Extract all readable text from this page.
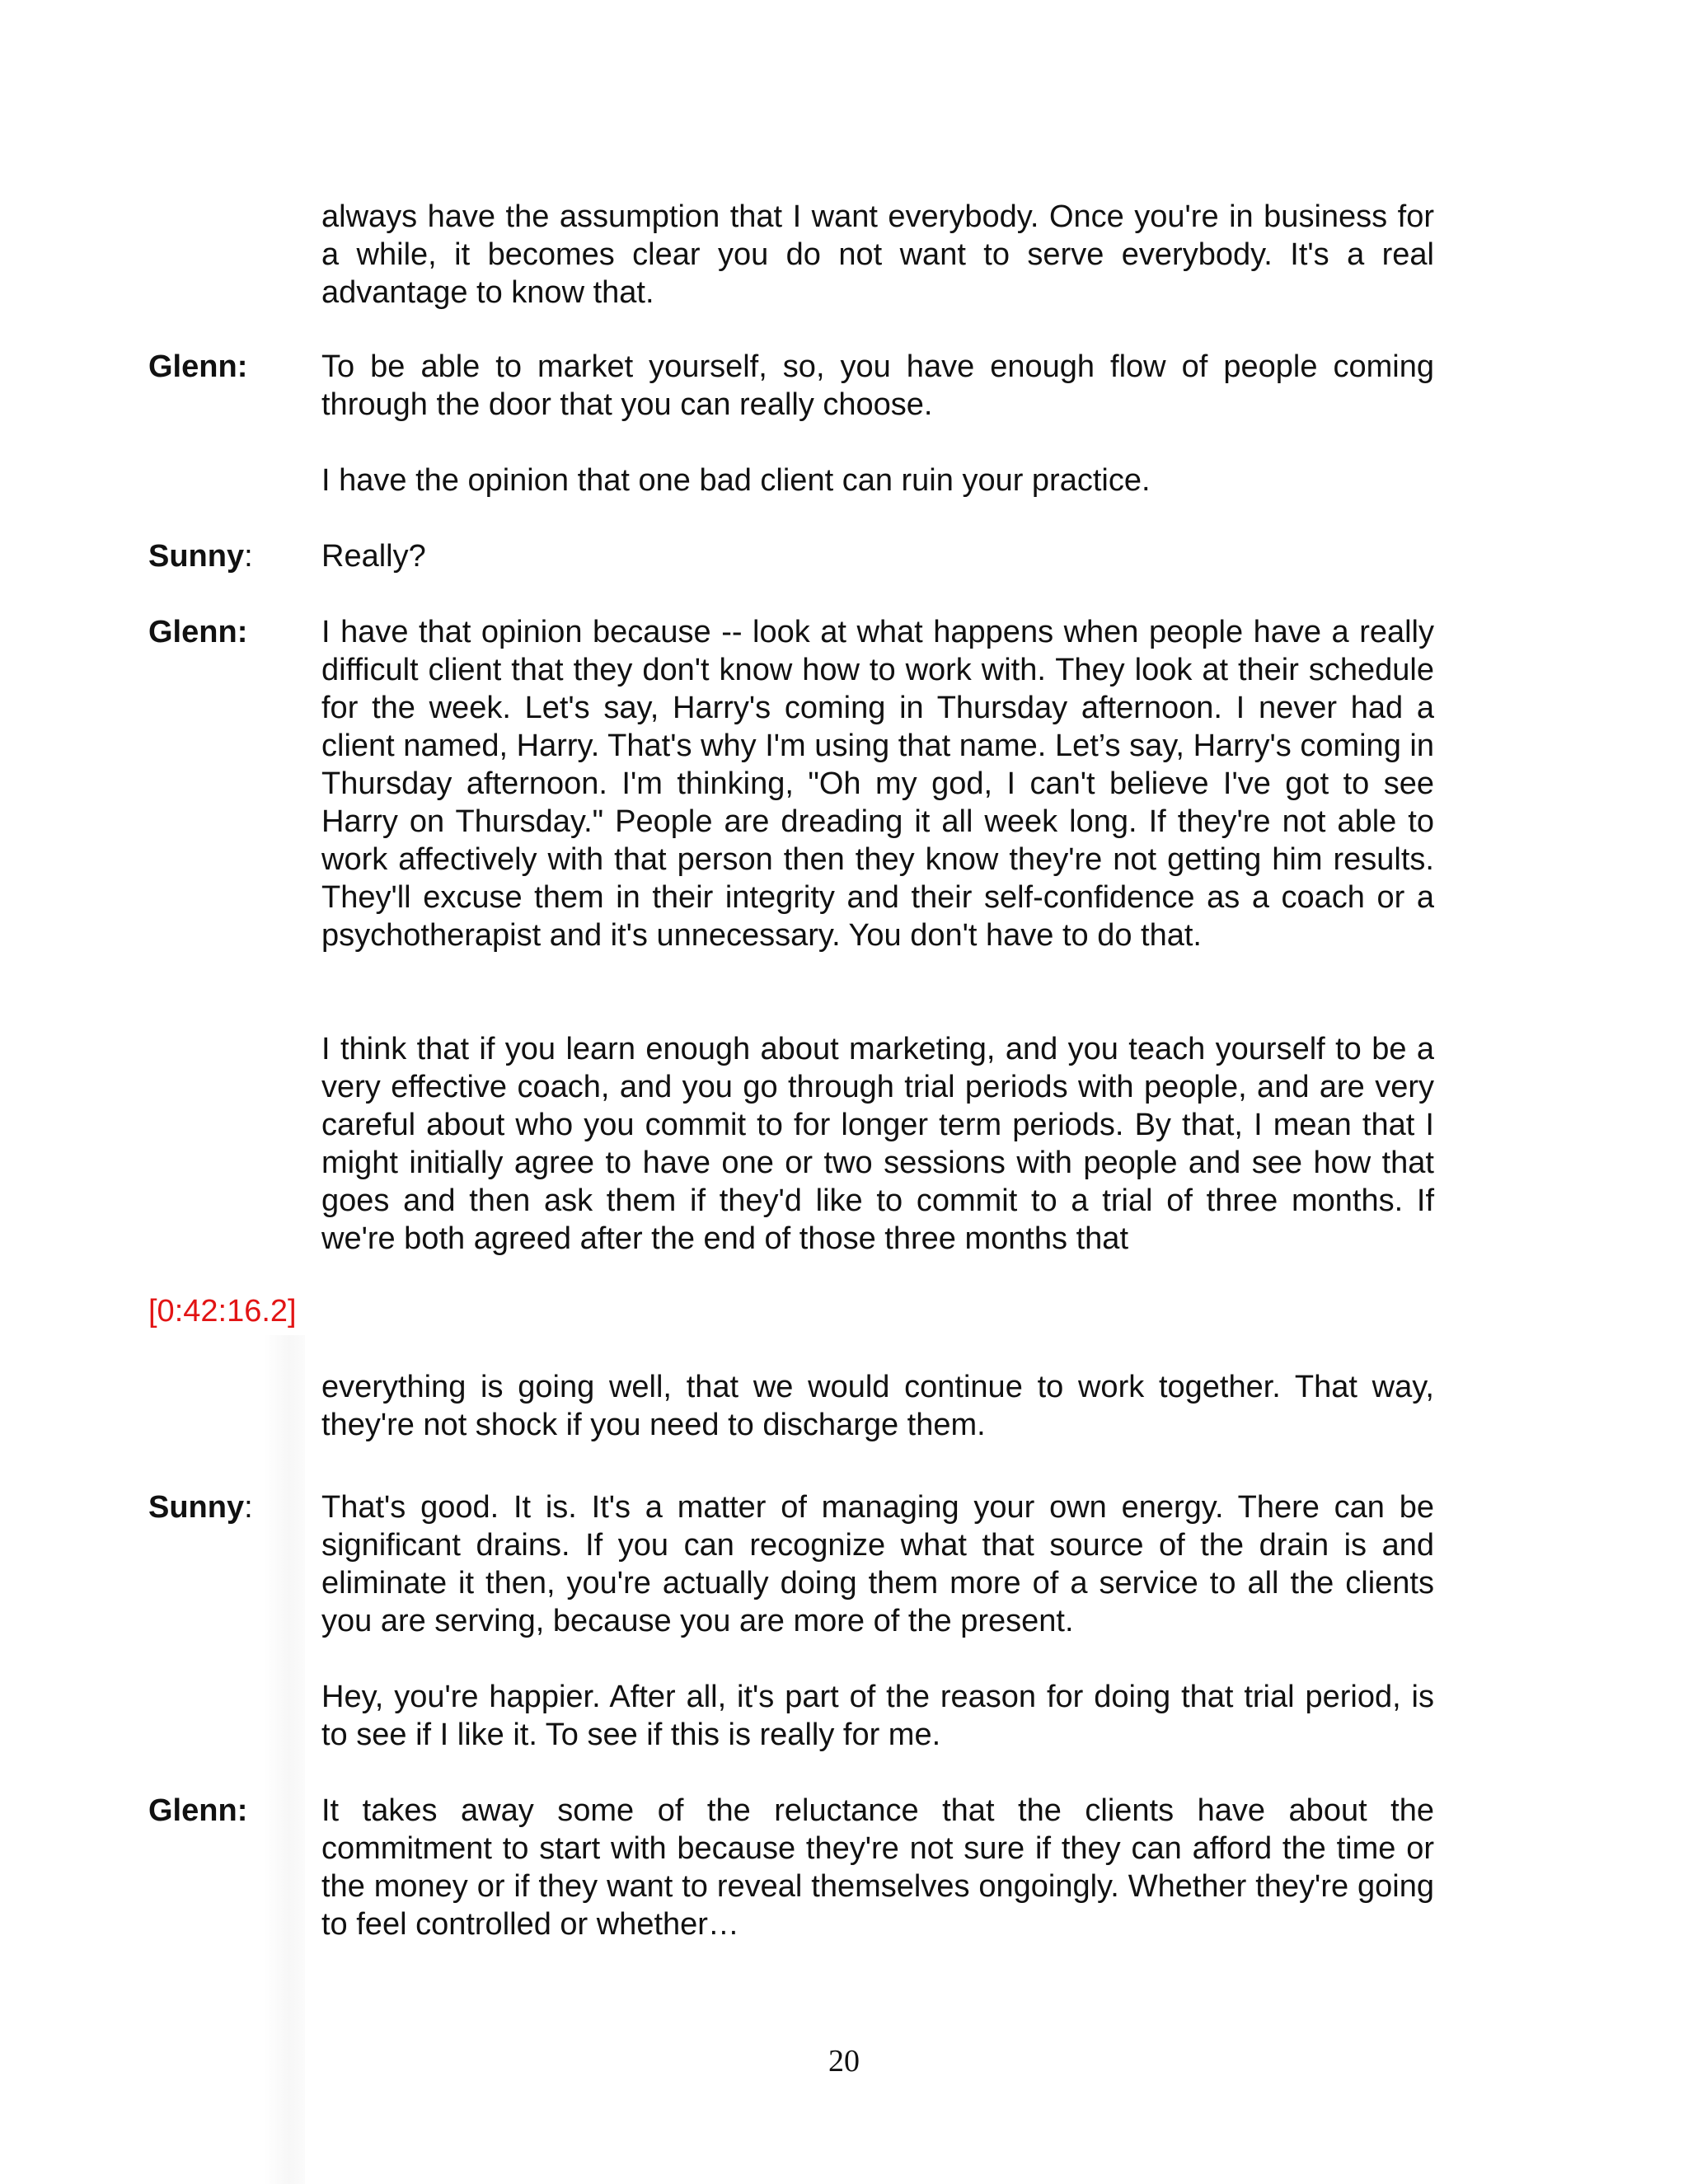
always have the assumption that I want everybody. Once you're in business for a while, it becomes clear you do not want to serve everybody. It's a real advantage to know that.

Glenn: To be able to market yourself, so, you have enough flow of people coming through the door that you can really choose.

I have the opinion that one bad client can ruin your practice.

Sunny: Really?

Glenn: I have that opinion because -- look at what happens when people have a really difficult client that they don't know how to work with. They look at their schedule for the week. Let's say, Harry's coming in Thursday afternoon. I never had a client named, Harry. That's why I'm using that name. Let’s say, Harry's coming in Thursday afternoon. I'm thinking, "Oh my god, I can't believe I've got to see Harry on Thursday." People are dreading it all week long. If they're not able to work affectively with that person then they know they're not getting him results. They'll excuse them in their integrity and their self-confidence as a coach or a psychotherapist and it's unnecessary. You don't have to do that.

I think that if you learn enough about marketing, and you teach yourself to be a very effective coach, and you go through trial periods with people, and are very careful about who you commit to for longer term periods. By that, I mean that I might initially agree to have one or two sessions with people and see how that goes and then ask them if they'd like to commit to a trial of three months. If we're both agreed after the end of those three months that

[0:42:16.2]

everything is going well, that we would continue to work together. That way, they're not shock if you need to discharge them.

Sunny: That's good. It is. It's a matter of managing your own energy. There can be significant drains. If you can recognize what that source of the drain is and eliminate it then, you're actually doing them more of a service to all the clients you are serving, because you are more of the present.

Hey, you're happier. After all, it's part of the reason for doing that trial period, is to see if I like it. To see if this is really for me.

Glenn: It takes away some of the reluctance that the clients have about the commitment to start with because they're not sure if they can afford the time or the money or if they want to reveal themselves ongoingly. Whether they're going to feel controlled or whether…

20
